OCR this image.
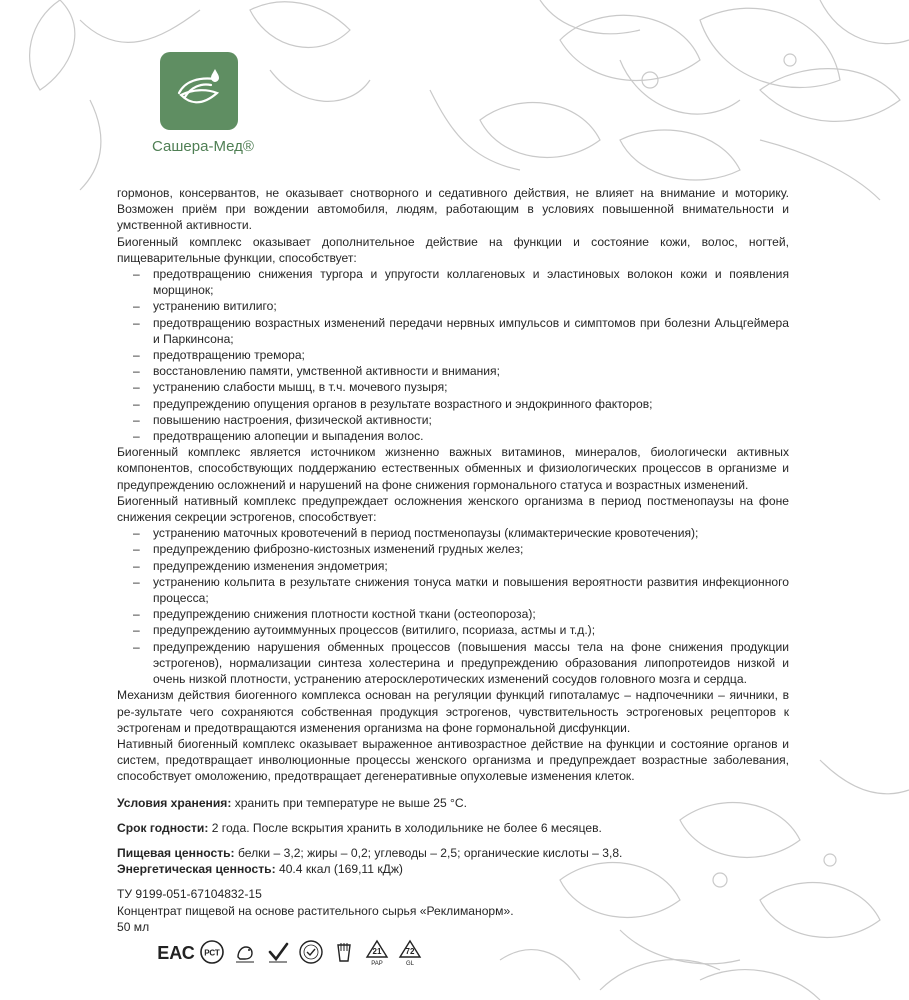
Сашера-Мед®

гормонов, консервантов, не оказывает снотворного и седативного действия, не влияет на внимание и моторику. Возможен приём при вождении автомобиля, людям, работающим в условиях повышенной внимательности и умственной активности.

Биогенный комплекс оказывает дополнительное действие на функции и состояние кожи, волос, ногтей, пищеварительные функции, способствует:

– предотвращению снижения тургора и упругости коллагеновых и эластиновых волокон кожи и появления морщинок;
– устранению витилиго;
– предотвращению возрастных изменений передачи нервных импульсов и симптомов при болезни Альцгеймера и Паркинсона;
– предотвращению тремора;
– восстановлению памяти, умственной активности и внимания;
– устранению слабости мышц, в т.ч. мочевого пузыря;
– предупреждению опущения органов в результате возрастного и эндокринного факторов;
– повышению настроения, физической активности;
– предотвращению алопеции и выпадения волос.

Биогенный комплекс является источником жизненно важных витаминов, минералов, биологически активных компонентов, способствующих поддержанию естественных обменных и физиологических процессов в организме и предупреждению осложнений и нарушений на фоне снижения гормонального статуса и возрастных изменений.

Биогенный нативный комплекс предупреждает осложнения женского организма в период постменопаузы на фоне снижения секреции эстрогенов, способствует:

– устранению маточных кровотечений в период постменопаузы (климактерические кровотечения);
– предупреждению фиброзно-кистозных изменений грудных желез;
– предупреждению изменения эндометрия;
– устранению кольпита в результате снижения тонуса матки и повышения вероятности развития инфекционного процесса;
– предупреждению снижения плотности костной ткани (остеопороза);
– предупреждению аутоиммунных процессов (витилиго, псориаза, астмы и т.д.);
– предупреждению нарушения обменных процессов (повышения массы тела на фоне снижения продукции эстрогенов), нормализации синтеза холестерина и предупреждению образования липопротеидов низкой и очень низкой плотности, устранению атеросклеротических изменений сосудов головного мозга и сердца.

Механизм действия биогенного комплекса основан на регуляции функций гипоталамус – надпочечники – яичники, в ре-зультате чего сохраняются собственная продукция эстрогенов, чувствительность эстрогеновых рецепторов к эстрогенам и предотвращаются изменения организма на фоне гормональной дисфункции.

Нативный биогенный комплекс оказывает выраженное антивозрастное действие на функции и состояние органов и систем, предотвращает инволюционные процессы женского организма и предупреждает возрастные заболевания, способствует омоложению, предотвращает дегенеративные опухолевые изменения клеток.

Условия хранения: хранить при температуре не выше 25 °С.

Срок годности: 2 года. После вскрытия хранить в холодильнике не более 6 месяцев.

Пищевая ценность: белки – 3,2; жиры – 0,2; углеводы – 2,5; органические кислоты – 3,8.

Энергетическая ценность: 40.4 ккал (169,11 кДж)

ТУ 9199-051-67104832-15

Концентрат пищевой на основе растительного сырья «Реклиманорм».

50 мл

ЕАС РСТ	21
PAP
72
GL
